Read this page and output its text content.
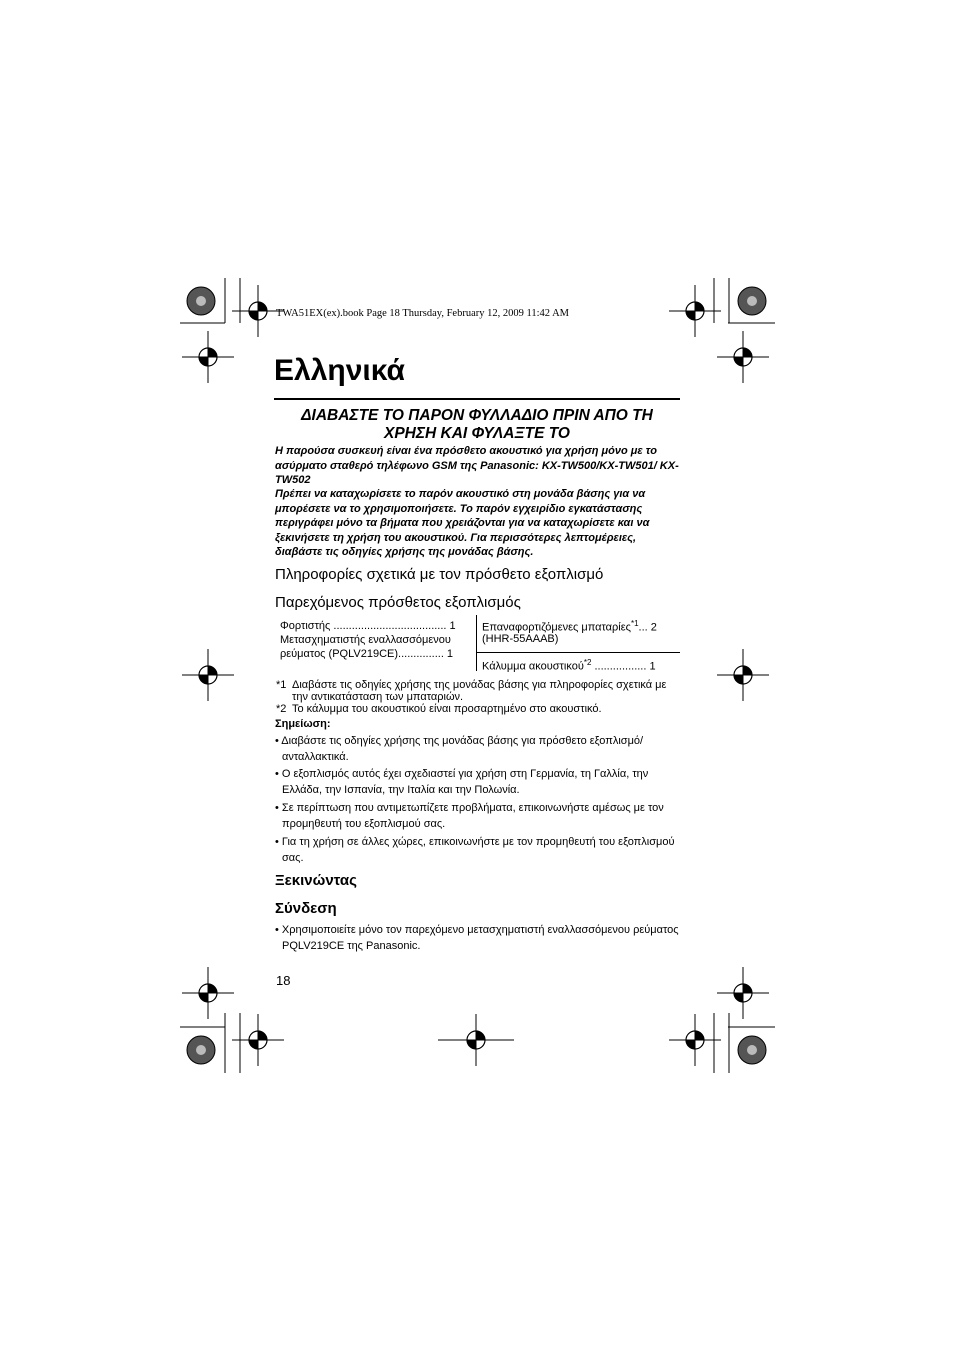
TWA51EX(ex).book Page 18 Thursday, February 12, 2009 11:42 AM
Ελληνικά
ΔΙΑΒΑΣΤΕ ΤΟ ΠΑΡΟΝ ΦΥΛΛΑΔΙΟ ΠΡΙΝ ΑΠΟ ΤΗ
ΧΡΗΣΗ ΚΑΙ ΦΥΛΑΞΤΕ ΤΟ
Η παρούσα συσκευή είναι ένα πρόσθετο ακουστικό για χρήση μόνο με το ασύρματο σταθερό τηλέφωνο GSM της Panasonic: KX-TW500/KX-TW501/ KX-TW502
Πρέπει να καταχωρίσετε το παρόν ακουστικό στη μονάδα βάσης για να μπορέσετε να το χρησιμοποιήσετε. Το παρόν εγχειρίδιο εγκατάστασης περιγράφει μόνο τα βήματα που χρειάζονται για να καταχωρίσετε και να ξεκινήσετε τη χρήση του ακουστικού. Για περισσότερες λεπτομέρειες, διαβάστε τις οδηγίες χρήσης της μονάδας βάσης.
Πληροφορίες σχετικά με τον πρόσθετο εξοπλισμό
Παρεχόμενος πρόσθετος εξοπλισμός
Φορτιστής ..................................... 1
Μετασχηματιστής εναλλασσόμενου
ρεύματος (PQLV219CE)............... 1
Επαναφορτιζόμενες μπαταρίες$^{*1}$... 2
(HHR-55AAAB)
Κάλυμμα ακουστικού$^{*2}$ ................. 1
*1 Διαβάστε τις οδηγίες χρήσης της μονάδας βάσης για πληροφορίες σχετικά με
την αντικατάσταση των μπαταριών.
*2 Το κάλυμμα του ακουστικού είναι προσαρτημένο στο ακουστικό.
Σημείωση:
• Διαβάστε τις οδηγίες χρήσης της μονάδας βάσης για πρόσθετο εξοπλισμό/ ανταλλακτικά.
• Ο εξοπλισμός αυτός έχει σχεδιαστεί για χρήση στη Γερμανία, τη Γαλλία, την Ελλάδα, την Ισπανία, την Ιταλία και την Πολωνία.
• Σε περίπτωση που αντιμετωπίζετε προβλήματα, επικοινωνήστε αμέσως με τον προμηθευτή του εξοπλισμού σας.
• Για τη χρήση σε άλλες χώρες, επικοινωνήστε με τον προμηθευτή του εξοπλισμού σας.
Ξεκινώντας
Σύνδεση
• Χρησιμοποιείτε μόνο τον παρεχόμενο μετασχηματιστή εναλλασσόμενου ρεύματος PQLV219CE της Panasonic.
18
